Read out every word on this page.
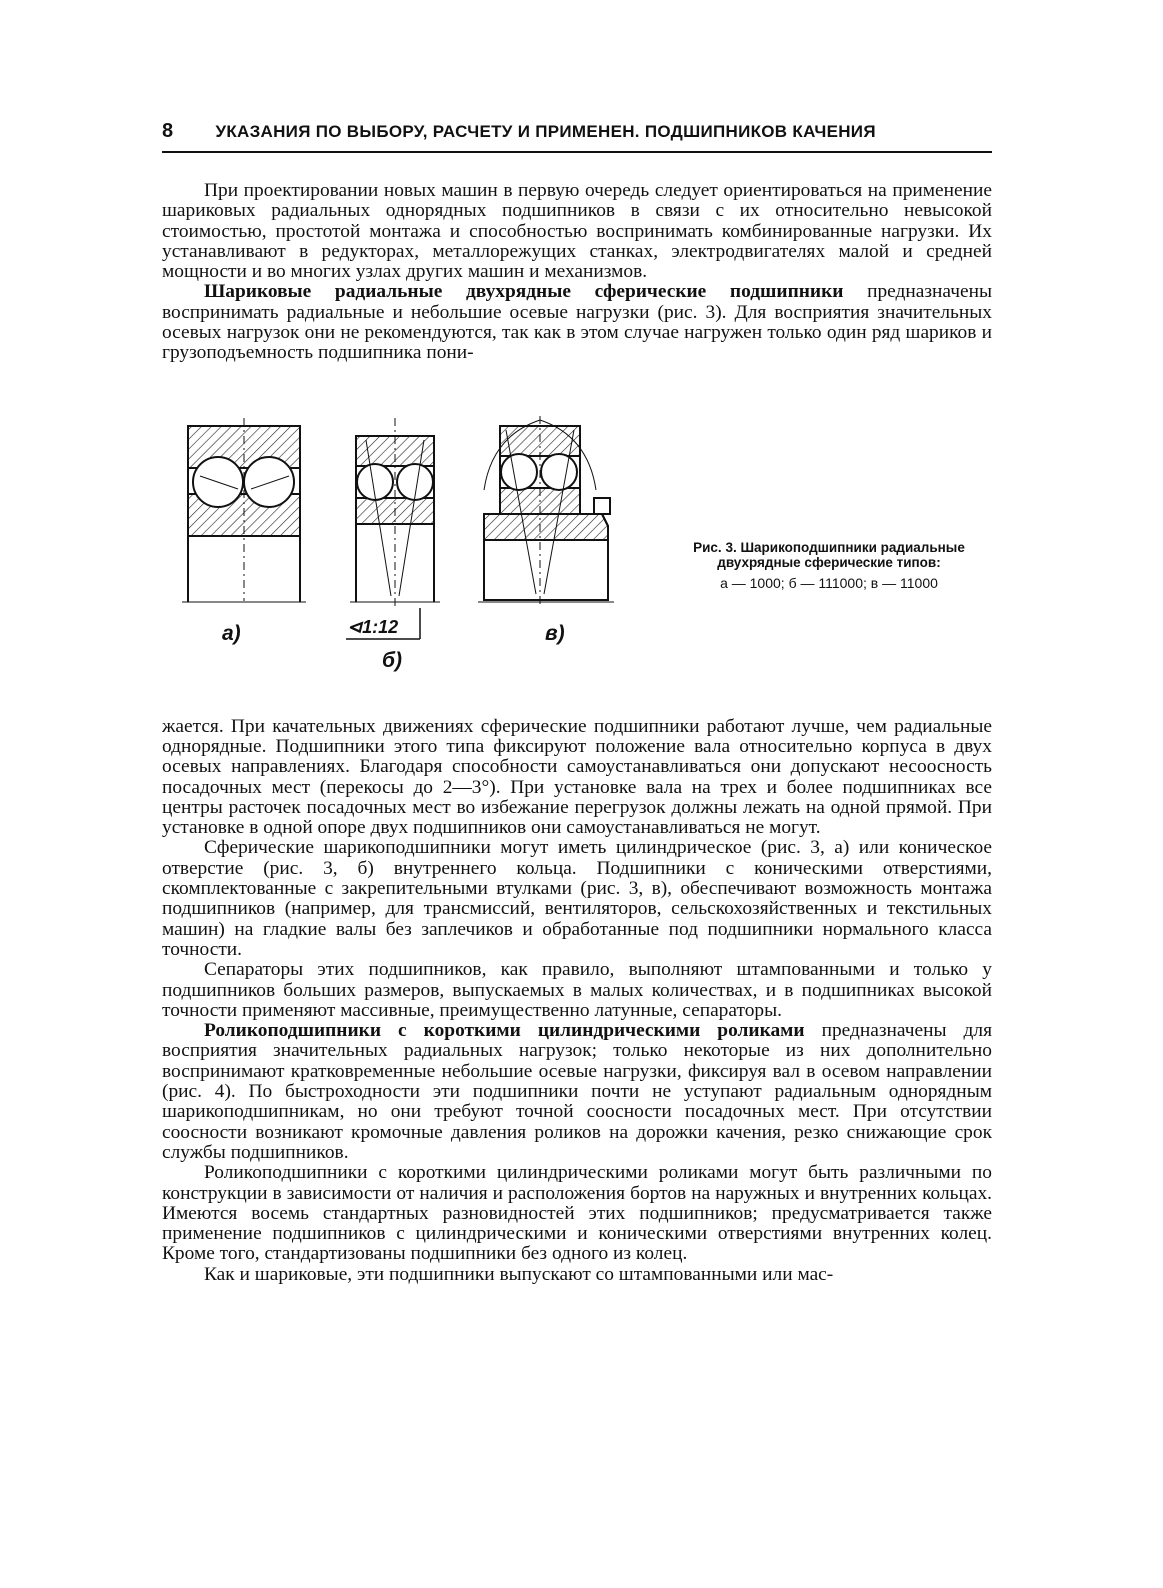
8 УКАЗАНИЯ ПО ВЫБОРУ, РАСЧЕТУ И ПРИМЕНЕН. ПОДШИПНИКОВ КАЧЕНИЯ

При проектировании новых машин в первую очередь следует ориентироваться на применение шариковых радиальных однорядных подшипников в связи с их относительно невысокой стоимостью, простотой монтажа и способностью воспринимать комбинированные нагрузки. Их устанавливают в редукторах, металлорежущих станках, электродвигателях малой и средней мощности и во многих узлах других машин и механизмов.

Шариковые радиальные двухрядные сферические подшипники предназначены воспринимать радиальные и небольшие осевые нагрузки (рис. 3). Для восприятия значительных осевых нагрузок они не рекомендуются, так как в этом случае нагружен только один ряд шариков и грузоподъемность подшипника пони-

а)	⊲1:12
б)
в)
Рис. 3. Шарикоподшипники радиальные двухрядные сферические типов:
а — 1000; б — 111000; в — 11000

жается. При качательных движениях сферические подшипники работают лучше, чем радиальные однорядные. Подшипники этого типа фиксируют положение вала относительно корпуса в двух осевых направлениях. Благодаря способности самоустанавливаться они допускают несоосность посадочных мест (перекосы до 2—3°). При установке вала на трех и более подшипниках все центры расточек посадочных мест во избежание перегрузок должны лежать на одной прямой. При установке в одной опоре двух подшипников они самоустанавливаться не могут.

Сферические шарикоподшипники могут иметь цилиндрическое (рис. 3, а) или коническое отверстие (рис. 3, б) внутреннего кольца. Подшипники с коническими отверстиями, скомплектованные с закрепительными втулками (рис. 3, в), обеспечивают возможность монтажа подшипников (например, для трансмиссий, вентиляторов, сельскохозяйственных и текстильных машин) на гладкие валы без заплечиков и обработанные под подшипники нормального класса точности.

Сепараторы этих подшипников, как правило, выполняют штампованными и только у подшипников больших размеров, выпускаемых в малых количествах, и в подшипниках высокой точности применяют массивные, преимущественно латунные, сепараторы.

Роликоподшипники с короткими цилиндрическими роликами предназначены для восприятия значительных радиальных нагрузок; только некоторые из них дополнительно воспринимают кратковременные небольшие осевые нагрузки, фиксируя вал в осевом направлении (рис. 4). По быстроходности эти подшипники почти не уступают радиальным однорядным шарикоподшипникам, но они требуют точной соосности посадочных мест. При отсутствии соосности возникают кромочные давления роликов на дорожки качения, резко снижающие срок службы подшипников.

Роликоподшипники с короткими цилиндрическими роликами могут быть различными по конструкции в зависимости от наличия и расположения бортов на наружных и внутренних кольцах. Имеются восемь стандартных разновидностей этих подшипников; предусматривается также применение подшипников с цилиндрическими и коническими отверстиями внутренних колец. Кроме того, стандартизованы подшипники без одного из колец.

Как и шариковые, эти подшипники выпускают со штампованными или мас-
